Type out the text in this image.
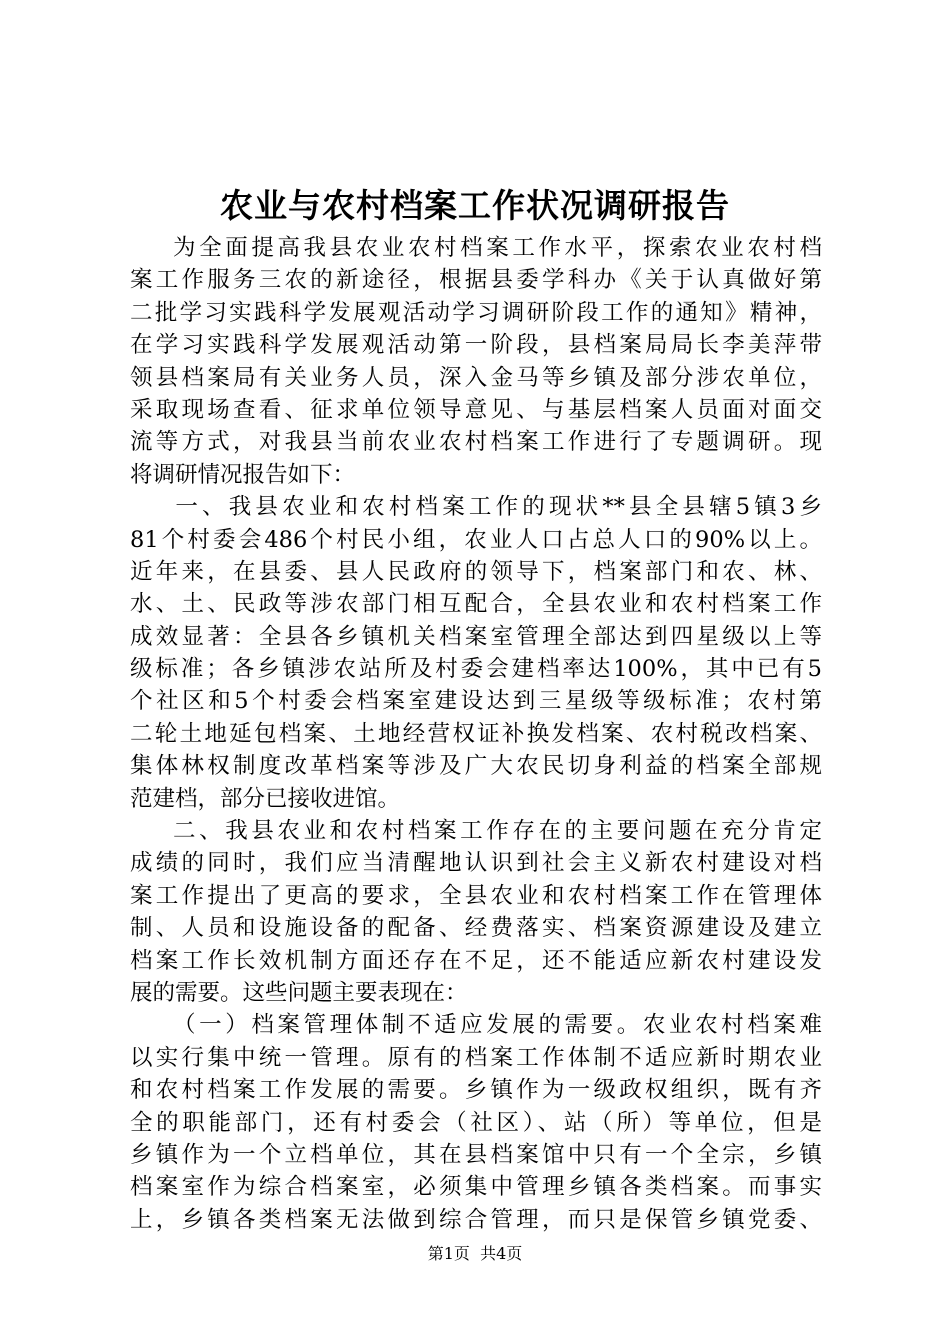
农业与农村档案工作状况调研报告
为全面提高我县农业农村档案工作水平，探索农业农村档
案工作服务三农的新途径，根据县委学科办《关于认真做好第
二批学习实践科学发展观活动学习调研阶段工作的通知》精神，
在学习实践科学发展观活动第一阶段，县档案局局长李美萍带
领县档案局有关业务人员，深入金马等乡镇及部分涉农单位，
采取现场查看、征求单位领导意见、与基层档案人员面对面交
流等方式，对我县当前农业农村档案工作进行了专题调研。现
将调研情况报告如下：
一、我县农业和农村档案工作的现状**县全县辖5镇3乡
81个村委会486个村民小组，农业人口占总人口的90%以上。
近年来，在县委、县人民政府的领导下，档案部门和农、林、
水、土、民政等涉农部门相互配合，全县农业和农村档案工作
成效显著：全县各乡镇机关档案室管理全部达到四星级以上等
级标准；各乡镇涉农站所及村委会建档率达100%，其中已有5
个社区和5个村委会档案室建设达到三星级等级标准；农村第
二轮土地延包档案、土地经营权证补换发档案、农村税改档案、
集体林权制度改革档案等涉及广大农民切身利益的档案全部规
范建档，部分已接收进馆。
二、我县农业和农村档案工作存在的主要问题在充分肯定
成绩的同时，我们应当清醒地认识到社会主义新农村建设对档
案工作提出了更高的要求，全县农业和农村档案工作在管理体
制、人员和设施设备的配备、经费落实、档案资源建设及建立
档案工作长效机制方面还存在不足，还不能适应新农村建设发
展的需要。这些问题主要表现在：
（一）档案管理体制不适应发展的需要。农业农村档案难
以实行集中统一管理。原有的档案工作体制不适应新时期农业
和农村档案工作发展的需要。乡镇作为一级政权组织，既有齐
全的职能部门，还有村委会（社区）、站（所）等单位，但是
乡镇作为一个立档单位，其在县档案馆中只有一个全宗，乡镇
档案室作为综合档案室，必须集中管理乡镇各类档案。而事实
上，乡镇各类档案无法做到综合管理，而只是保管乡镇党委、
第1页  共4页
